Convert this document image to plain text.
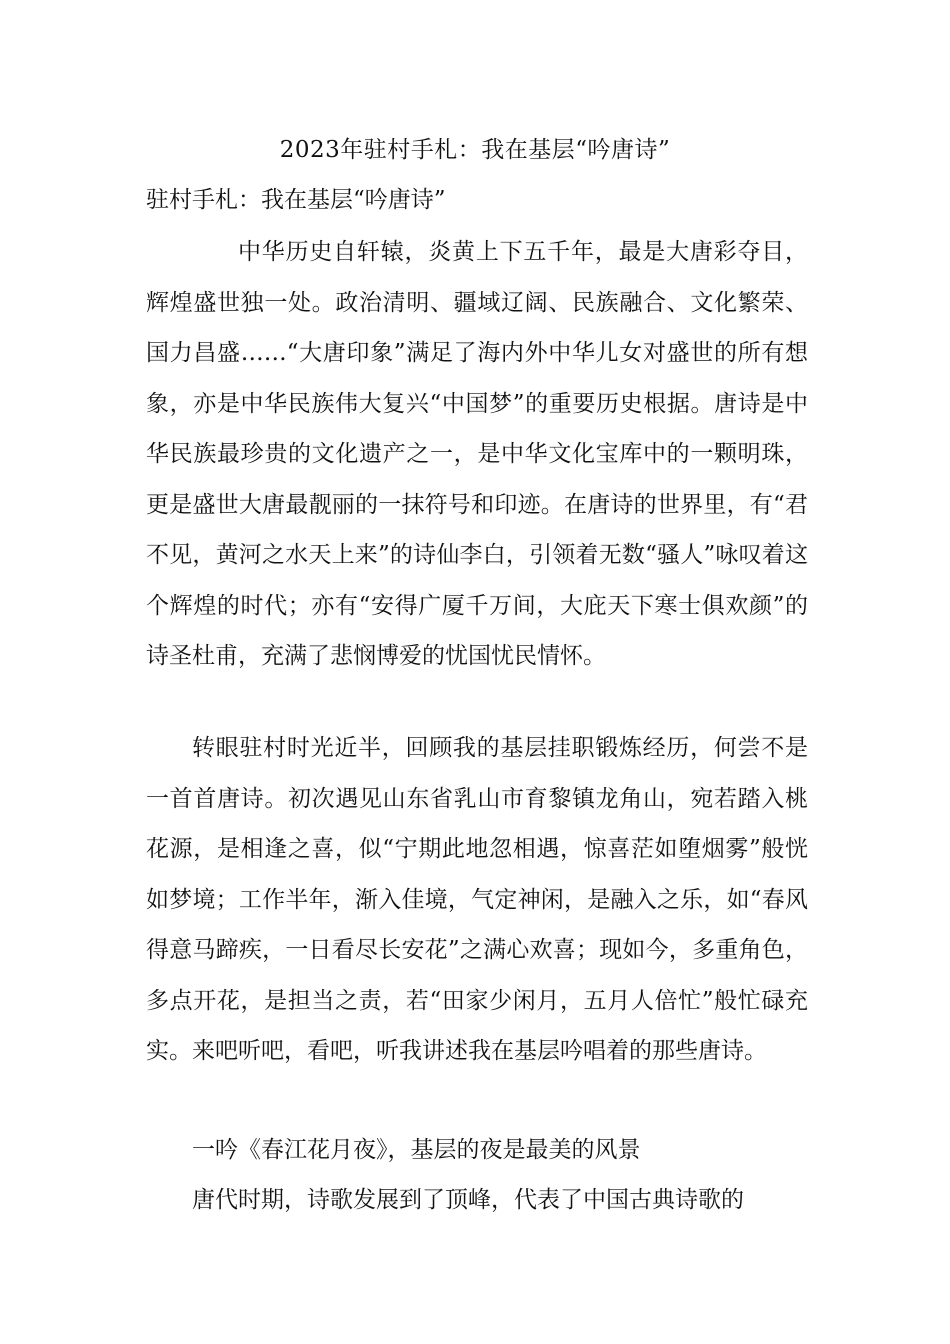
2023年驻村手札：我在基层“吟唐诗”
驻村手札：我在基层“吟唐诗”

中华历史自轩辕，炎黄上下五千年，最是大唐彩夺目，辉煌盛世独一处。政治清明、疆域辽阔、民族融合、文化繁荣、国力昌盛……“大唐印象”满足了海内外中华儿女对盛世的所有想象，亦是中华民族伟大复兴“中国梦”的重要历史根据。唐诗是中华民族最珍贵的文化遗产之一，是中华文化宝库中的一颗明珠，更是盛世大唐最靓丽的一抹符号和印迹。在唐诗的世界里，有“君不见，黄河之水天上来”的诗仙李白，引领着无数“骚人”咏叹着这个辉煌的时代；亦有“安得广厦千万间，大庇天下寒士俱欢颜”的诗圣杜甫，充满了悲悯博爱的忧国忧民情怀。

转眼驻村时光近半，回顾我的基层挂职锻炼经历，何尝不是一首首唐诗。初次遇见山东省乳山市育黎镇龙角山，宛若踏入桃花源，是相逢之喜，似“宁期此地忽相遇，惊喜茫如堕烟雾”般恍如梦境；工作半年，渐入佳境，气定神闲，是融入之乐，如“春风得意马蹄疾，一日看尽长安花”之满心欢喜；现如今，多重角色，多点开花，是担当之责，若“田家少闲月，五月人倍忙”般忙碌充实。来吧听吧，看吧，听我讲述我在基层吟唱着的那些唐诗。

一吟《春江花月夜》，基层的夜是最美的风景

唐代时期，诗歌发展到了顶峰，代表了中国古典诗歌的
